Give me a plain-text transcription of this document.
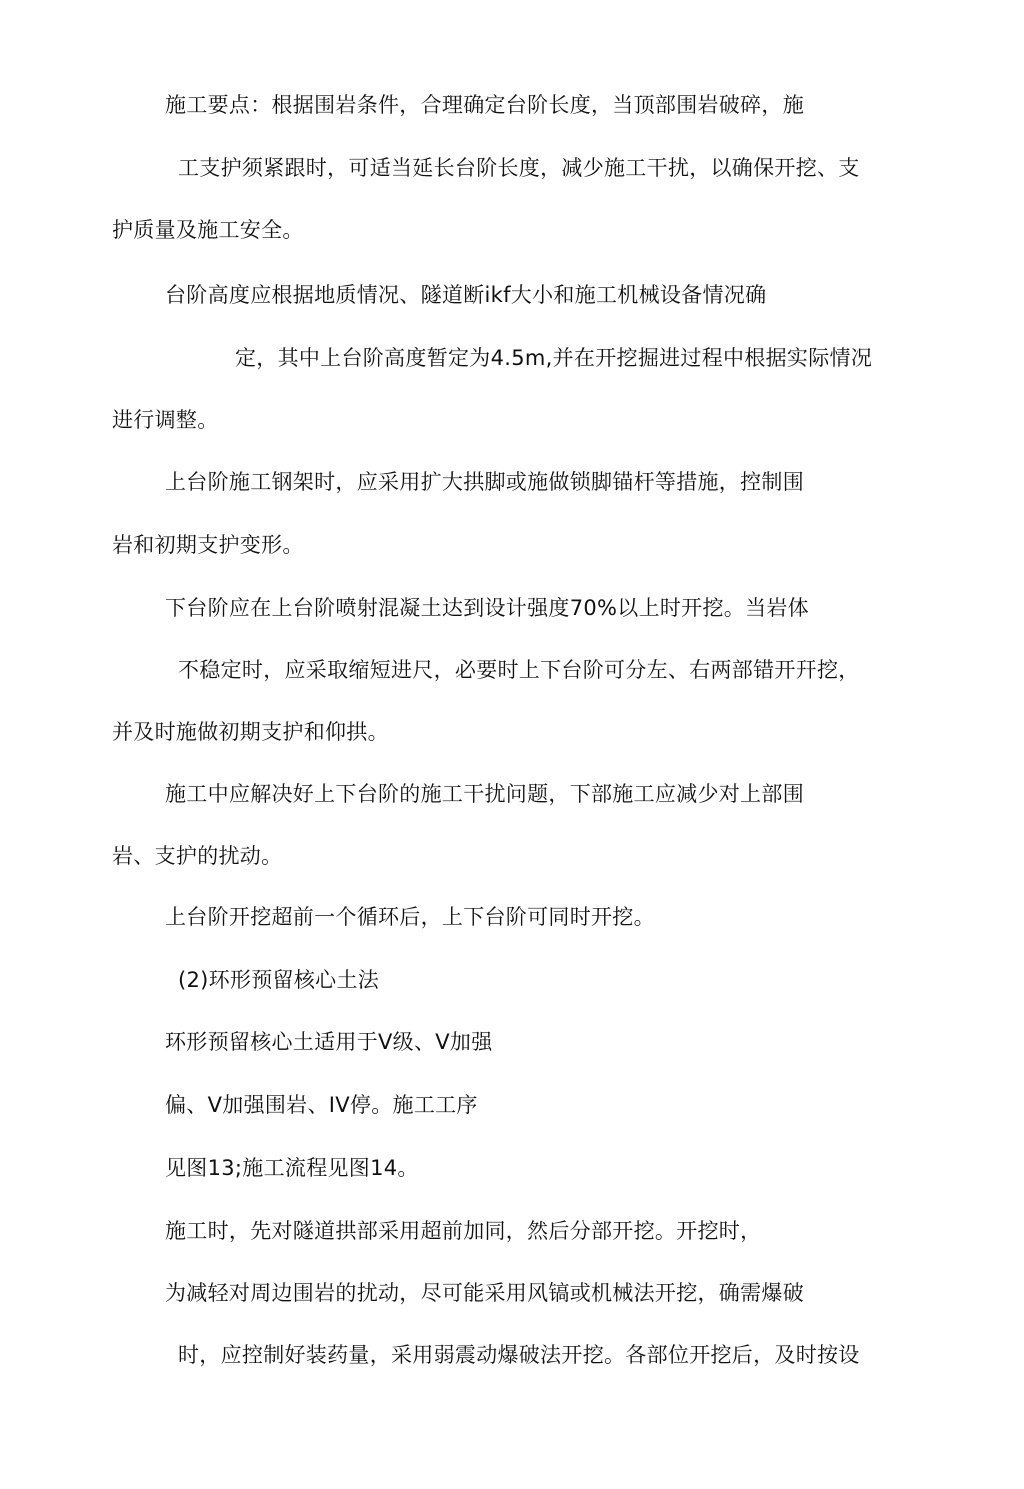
施工要点：根据围岩条件，合理确定台阶长度，当顶部围岩破碎，施
工支护须紧跟时，可适当延长台阶长度，减少施工干扰，以确保开挖、支
护质量及施工安全。
台阶高度应根据地质情况、隧道断ikf大小和施工机械设备情况确
定，其中上台阶高度暂定为4.5m,并在开挖掘进过程中根据实际情况
进行调整。
上台阶施工钢架时，应采用扩大拱脚或施做锁脚锚杆等措施，控制围
岩和初期支护变形。
下台阶应在上台阶喷射混凝土达到设计强度70%以上时开挖。当岩体
不稳定时，应采取缩短进尺，必要时上下台阶可分左、右两部错开幵挖，
并及时施做初期支护和仰拱。
施工中应解决好上下台阶的施工干扰问题，下部施工应减少对上部围
岩、支护的扰动。
上台阶开挖超前一个循环后，上下台阶可同时开挖。
(2)环形预留核心土法
环形预留核心土适用于V级、V加强
偏、V加强围岩、IV停。施工工序
见图13;施工流程见图14。
施工时，先对隧道拱部采用超前加同，然后分部开挖。开挖时，
为减轻对周边围岩的扰动，尽可能采用风镐或机械法开挖，确需爆破
时，应控制好装药量，采用弱震动爆破法开挖。各部位开挖后，及时按设
